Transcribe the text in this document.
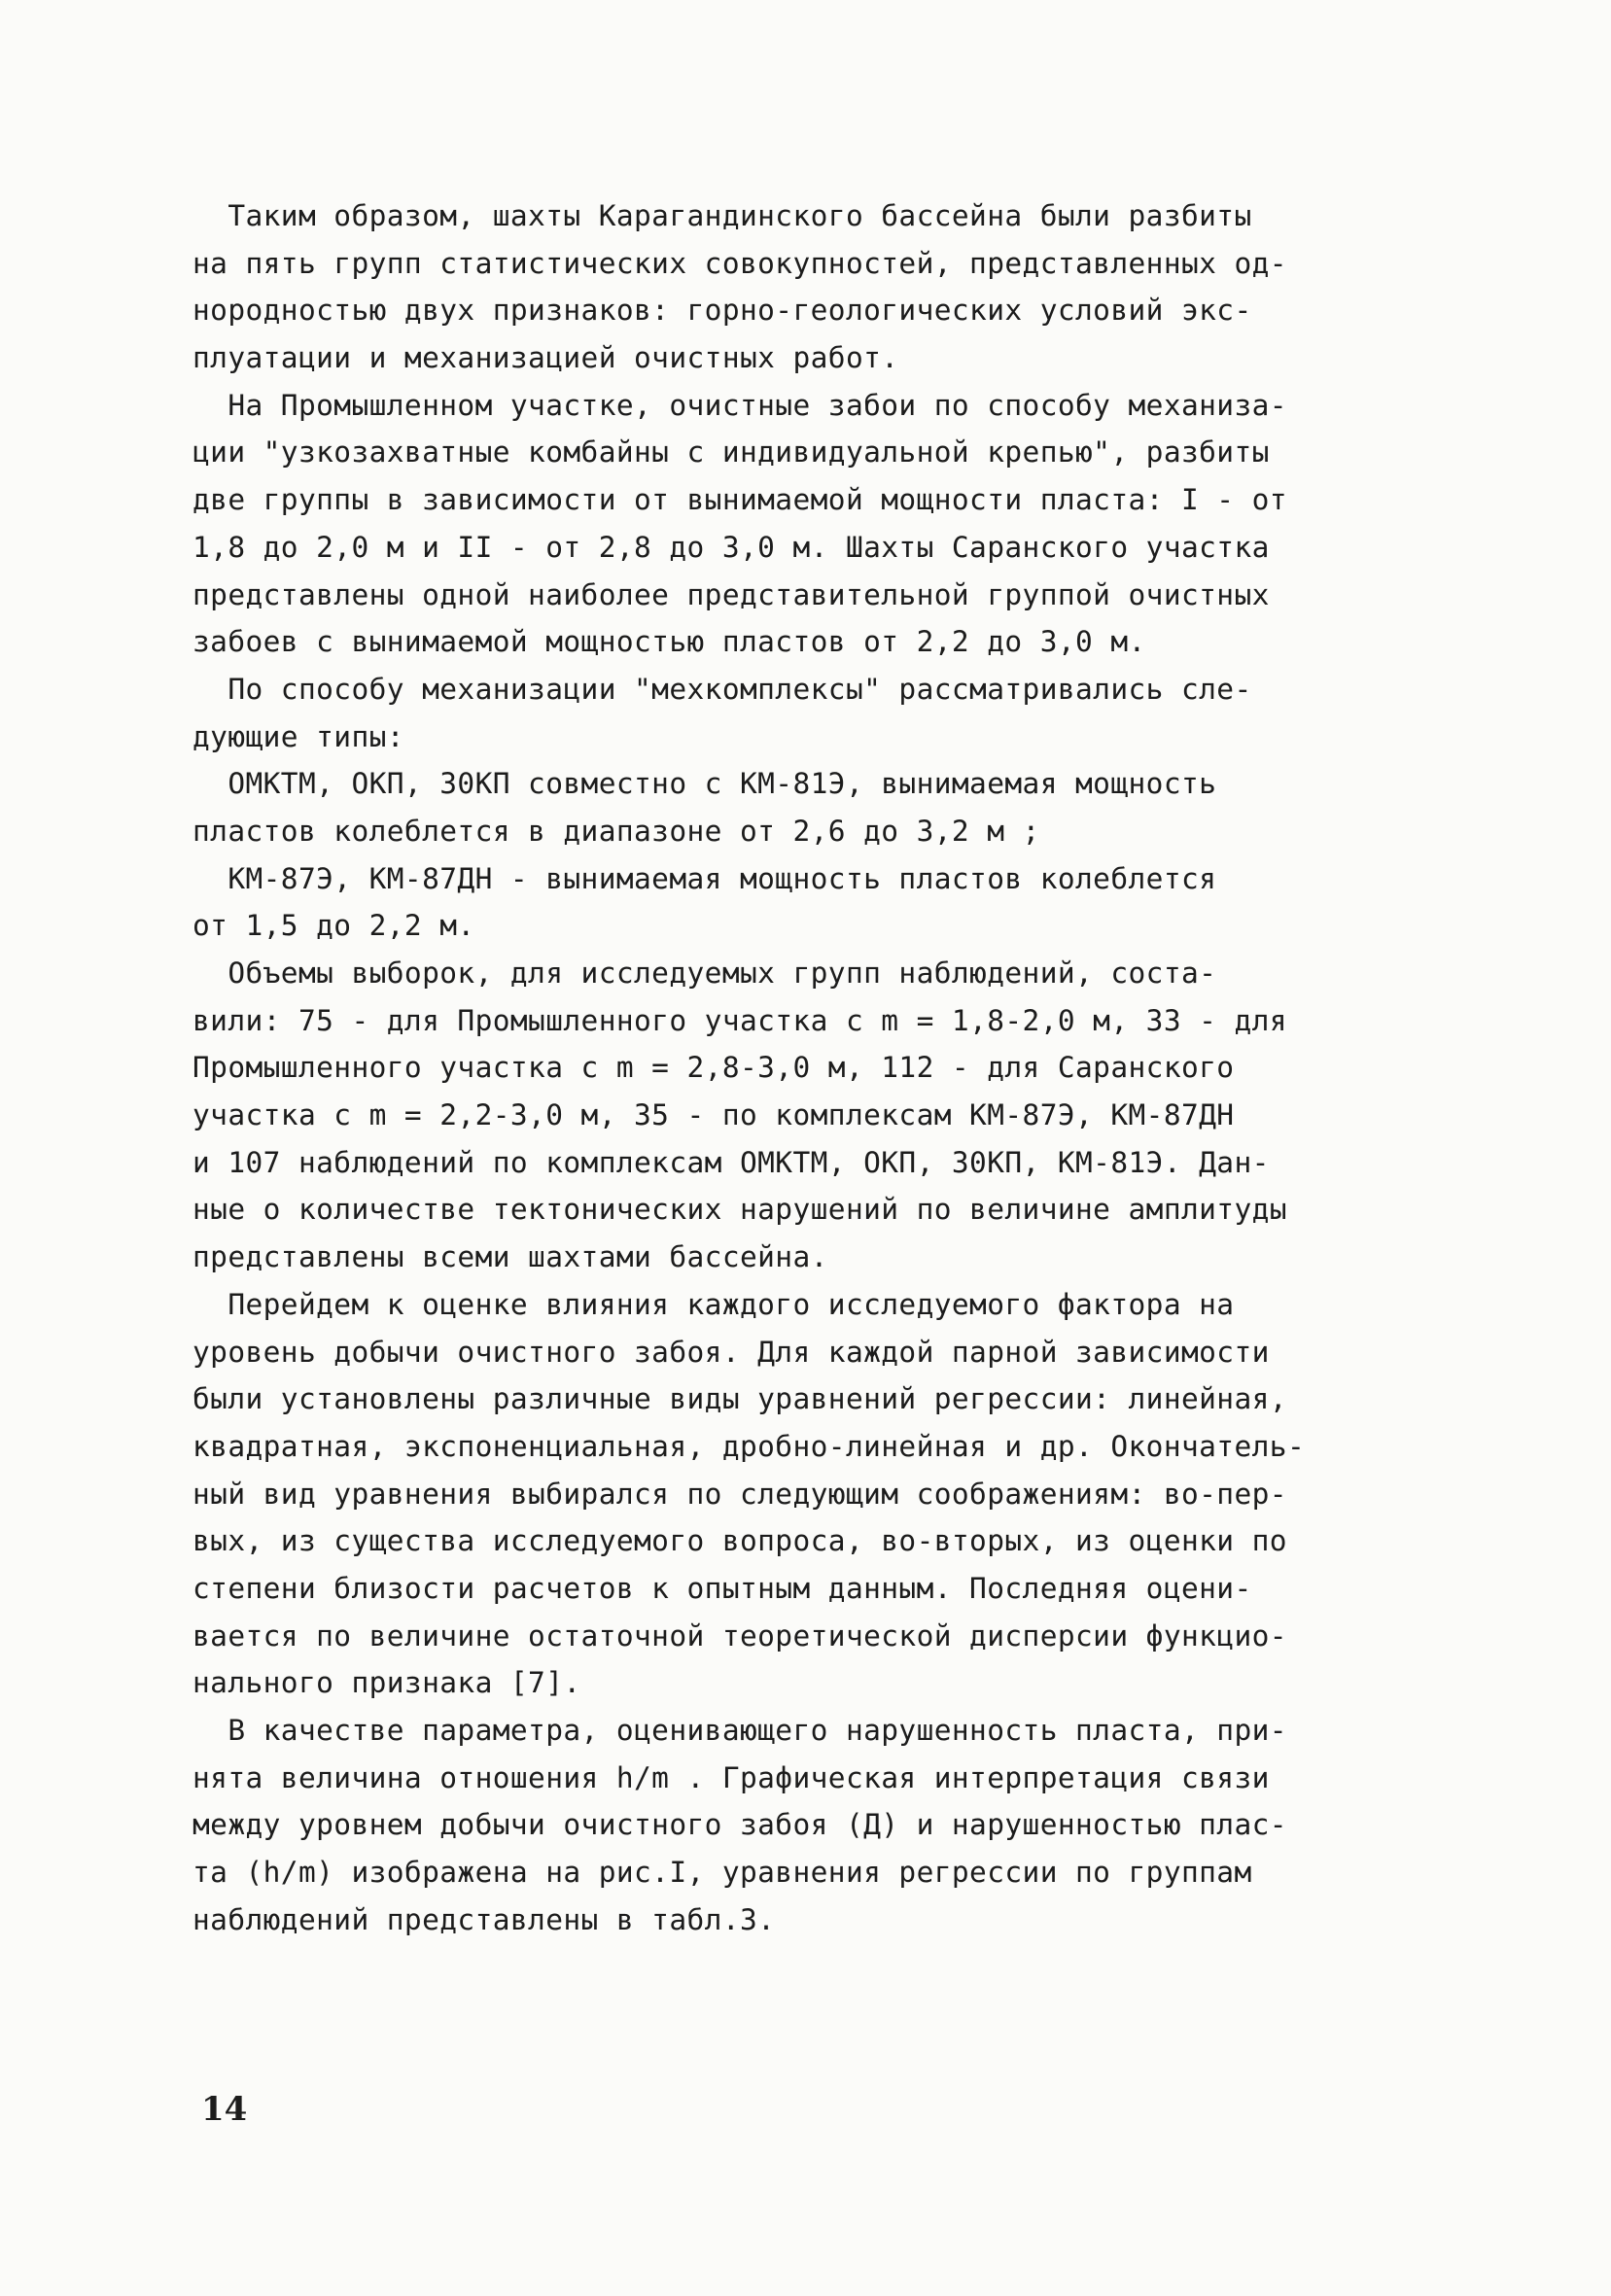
Таким образом, шахты Карагандинского бассейна были разбиты
на пять групп статистических совокупностей, представленных од-
нородностью двух признаков: горно-геологических условий экс-
плуатации и механизацией очистных работ.
На Промышленном участке, очистные забои по способу механиза-
ции "узкозахватные комбайны с индивидуальной крепью", разбиты
две группы в зависимости от вынимаемой мощности пласта: I - от
1,8 до 2,0 м и II - от 2,8 до 3,0 м. Шахты Саранского участка
представлены одной наиболее представительной группой очистных
забоев с вынимаемой мощностью пластов от 2,2 до 3,0 м.
По способу механизации "мехкомплексы" рассматривались сле-
дующие типы:
ОМКТМ, ОКП, 30КП совместно с КМ-81Э, вынимаемая мощность
пластов колеблется в диапазоне от 2,6 до 3,2 м ;
КМ-87Э, КМ-87ДН - вынимаемая мощность пластов колеблется
от 1,5 до 2,2 м.
Объемы выборок, для исследуемых групп наблюдений, соста-
вили: 75 - для Промышленного участка с m = 1,8-2,0 м, 33 - для
Промышленного участка с m = 2,8-3,0 м, 112 - для Саранского
участка с m = 2,2-3,0 м, 35 - по комплексам КМ-87Э, КМ-87ДН
и 107 наблюдений по комплексам ОМКТМ, ОКП, 30КП, КМ-81Э. Дан-
ные о количестве тектонических нарушений по величине амплитуды
представлены всеми шахтами бассейна.
Перейдем к оценке влияния каждого исследуемого фактора на
уровень добычи очистного забоя. Для каждой парной зависимости
были установлены различные виды уравнений регрессии: линейная,
квадратная, экспоненциальная, дробно-линейная и др. Окончатель-
ный вид уравнения выбирался по следующим соображениям: во-пер-
вых, из существа исследуемого вопроса, во-вторых, из оценки по
степени близости расчетов к опытным данным. Последняя оцени-
вается по величине остаточной теоретической дисперсии функцио-
нального признака [7].
В качестве параметра, оценивающего нарушенность пласта, при-
нята величина отношения h/m . Графическая интерпретация связи
между уровнем добычи очистного забоя (Д) и нарушенностью плас-
та (h/m) изображена на рис.I, уравнения регрессии по группам
наблюдений представлены в табл.3.
14
